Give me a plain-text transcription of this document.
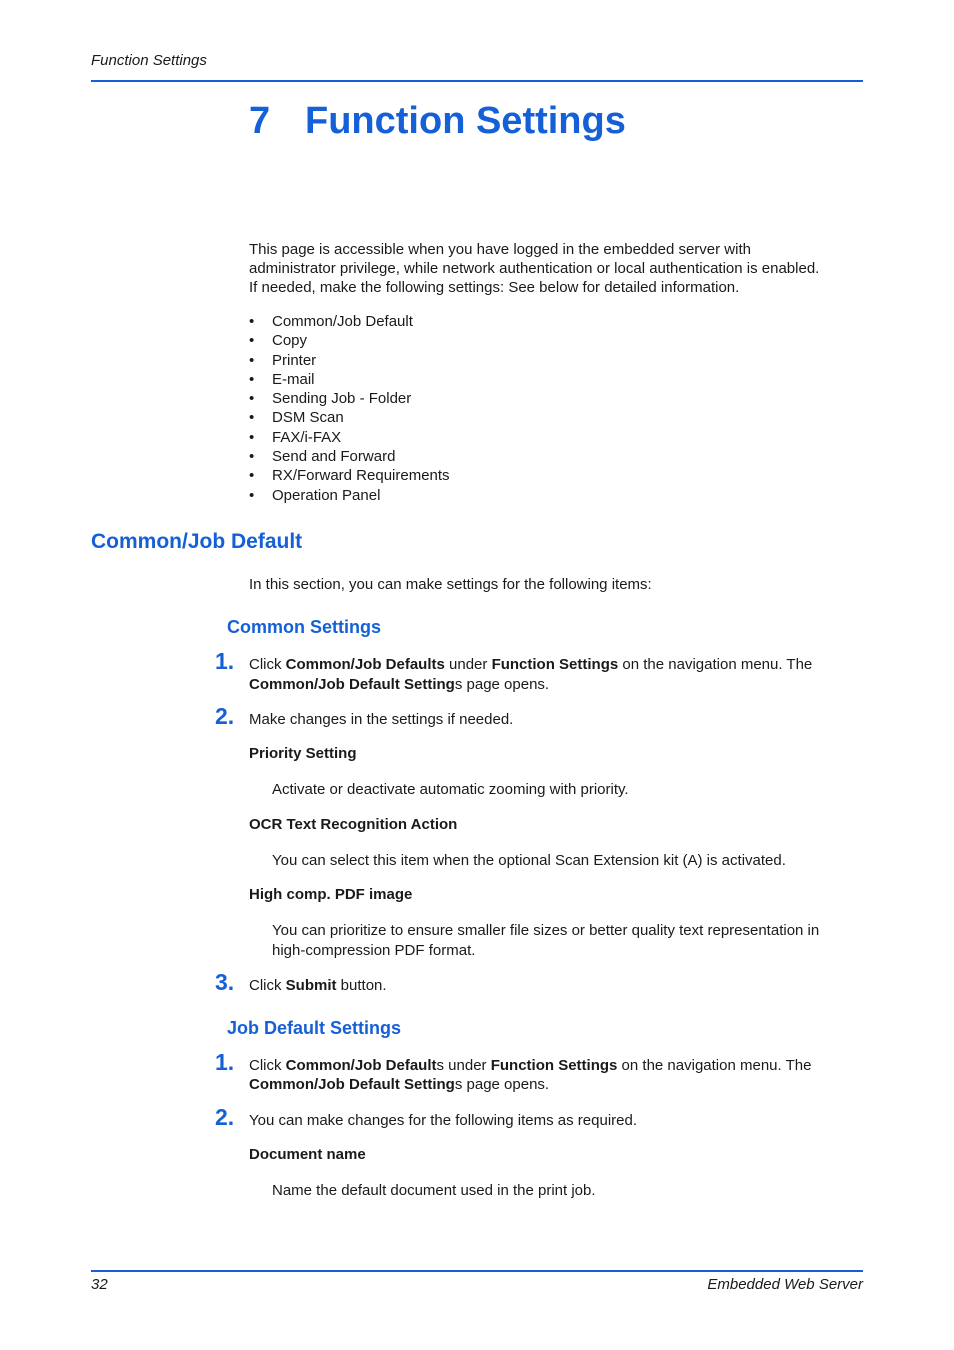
Function Settings
7 Function Settings
This page is accessible when you have logged in the embedded server with
administrator privilege, while network authentication or local authentication is enabled.
If needed, make the following settings: See below for detailed information.
• Common/Job Default
• Copy
• Printer
• E-mail
• Sending Job - Folder
• DSM Scan
• FAX/i-FAX
• Send and Forward
• RX/Forward Requirements
• Operation Panel
Common/Job Default
In this section, you can make settings for the following items:
Common Settings
1. Click Common/Job Defaults under Function Settings on the navigation menu. The
Common/Job Default Settings page opens.
2. Make changes in the settings if needed.
Priority Setting
Activate or deactivate automatic zooming with priority.
OCR Text Recognition Action
You can select this item when the optional Scan Extension kit (A) is activated.
High comp. PDF image
You can prioritize to ensure smaller file sizes or better quality text representation in
high-compression PDF format.
3. Click Submit button.
Job Default Settings
1. Click Common/Job Defaults under Function Settings on the navigation menu. The
Common/Job Default Settings page opens.
2. You can make changes for the following items as required.
Document name
Name the default document used in the print job.
32	Embedded Web Server
